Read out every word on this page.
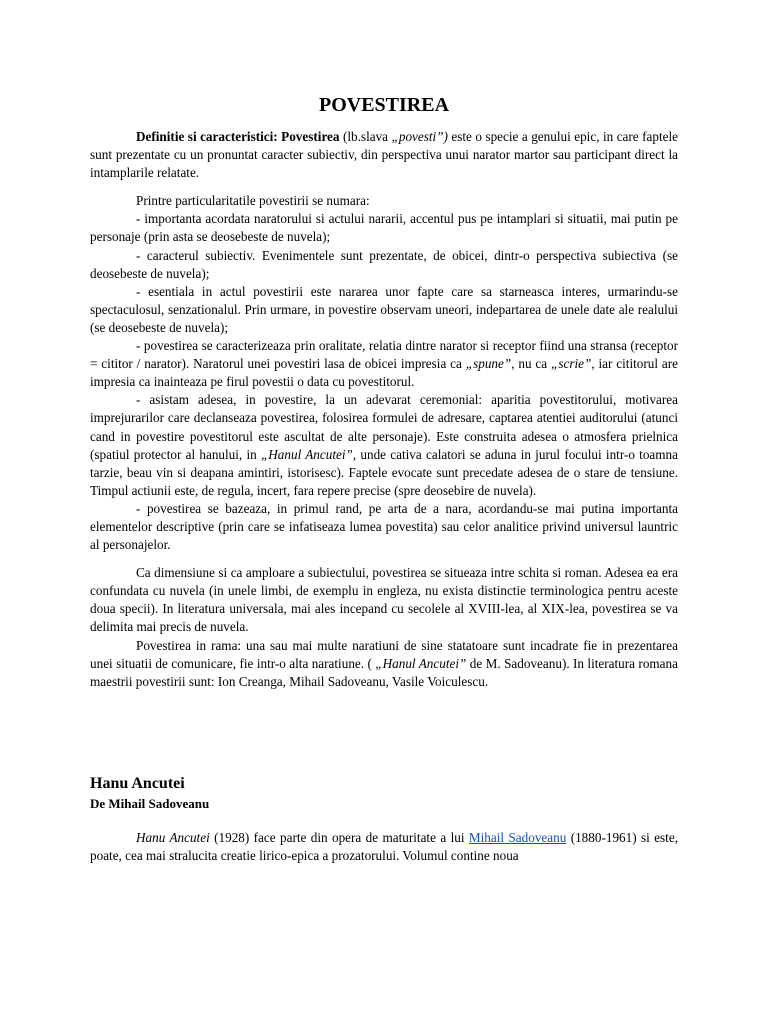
POVESTIREA

Definitie si caracteristici: Povestirea (lb.slava „povesti”) este o specie a genului epic, in care faptele sunt prezentate cu un pronuntat caracter subiectiv, din perspectiva unui narator martor sau participant direct la intamplarile relatate.

Printre particularitatile povestirii se numara:

- importanta acordata naratorului si actului nararii, accentul pus pe intamplari si situatii, mai putin pe personaje (prin asta se deosebeste de nuvela);

- caracterul subiectiv. Evenimentele sunt prezentate, de obicei, dintr-o perspectiva subiectiva (se deosebeste de nuvela);

- esentiala in actul povestirii este nararea unor fapte care sa starneasca interes, urmarindu-se spectaculosul, senzationalul. Prin urmare, in povestire observam uneori, indepartarea de unele date ale realului (se deosebeste de nuvela);

- povestirea se caracterizeaza prin oralitate, relatia dintre narator si receptor fiind una stransa (receptor = cititor / narator). Naratorul unei povestiri lasa de obicei impresia ca „spune”, nu ca „scrie”, iar cititorul are impresia ca inainteaza pe firul povestii o data cu povestitorul.

- asistam adesea, in povestire, la un adevarat ceremonial: aparitia povestitorului, motivarea imprejurarilor care declanseaza povestirea, folosirea formulei de adresare, captarea atentiei auditorului (atunci cand in povestire povestitorul este ascultat de alte personaje). Este construita adesea o atmosfera prielnica (spatiul protector al hanului, in „Hanul Ancutei”, unde cativa calatori se aduna in jurul focului intr-o toamna tarzie, beau vin si deapana amintiri, istorisesc). Faptele evocate sunt precedate adesea de o stare de tensiune. Timpul actiunii este, de regula, incert, fara repere precise (spre deosebire de nuvela).

- povestirea se bazeaza, in primul rand, pe arta de a nara, acordandu-se mai putina importanta elementelor descriptive (prin care se infatiseaza lumea povestita) sau celor analitice privind universul launtric al personajelor.

Ca dimensiune si ca amploare a subiectului, povestirea se situeaza intre schita si roman. Adesea ea era confundata cu nuvela (in unele limbi, de exemplu in engleza, nu exista distinctie terminologica pentru aceste doua specii). In literatura universala, mai ales incepand cu secolele al XVIII-lea, al XIX-lea, povestirea se va delimita mai precis de nuvela.

Povestirea in rama: una sau mai multe naratiuni de sine statatoare sunt incadrate fie in prezentarea unei situatii de comunicare, fie intr-o alta naratiune. ( „Hanul Ancutei” de M. Sadoveanu). In literatura romana maestrii povestirii sunt: Ion Creanga, Mihail Sadoveanu, Vasile Voiculescu.

Hanu Ancutei
De Mihail Sadoveanu

Hanu Ancutei (1928) face parte din opera de maturitate a lui Mihail Sadoveanu (1880-1961) si este, poate, cea mai stralucita creatie lirico-epica a prozatorului. Volumul contine noua
